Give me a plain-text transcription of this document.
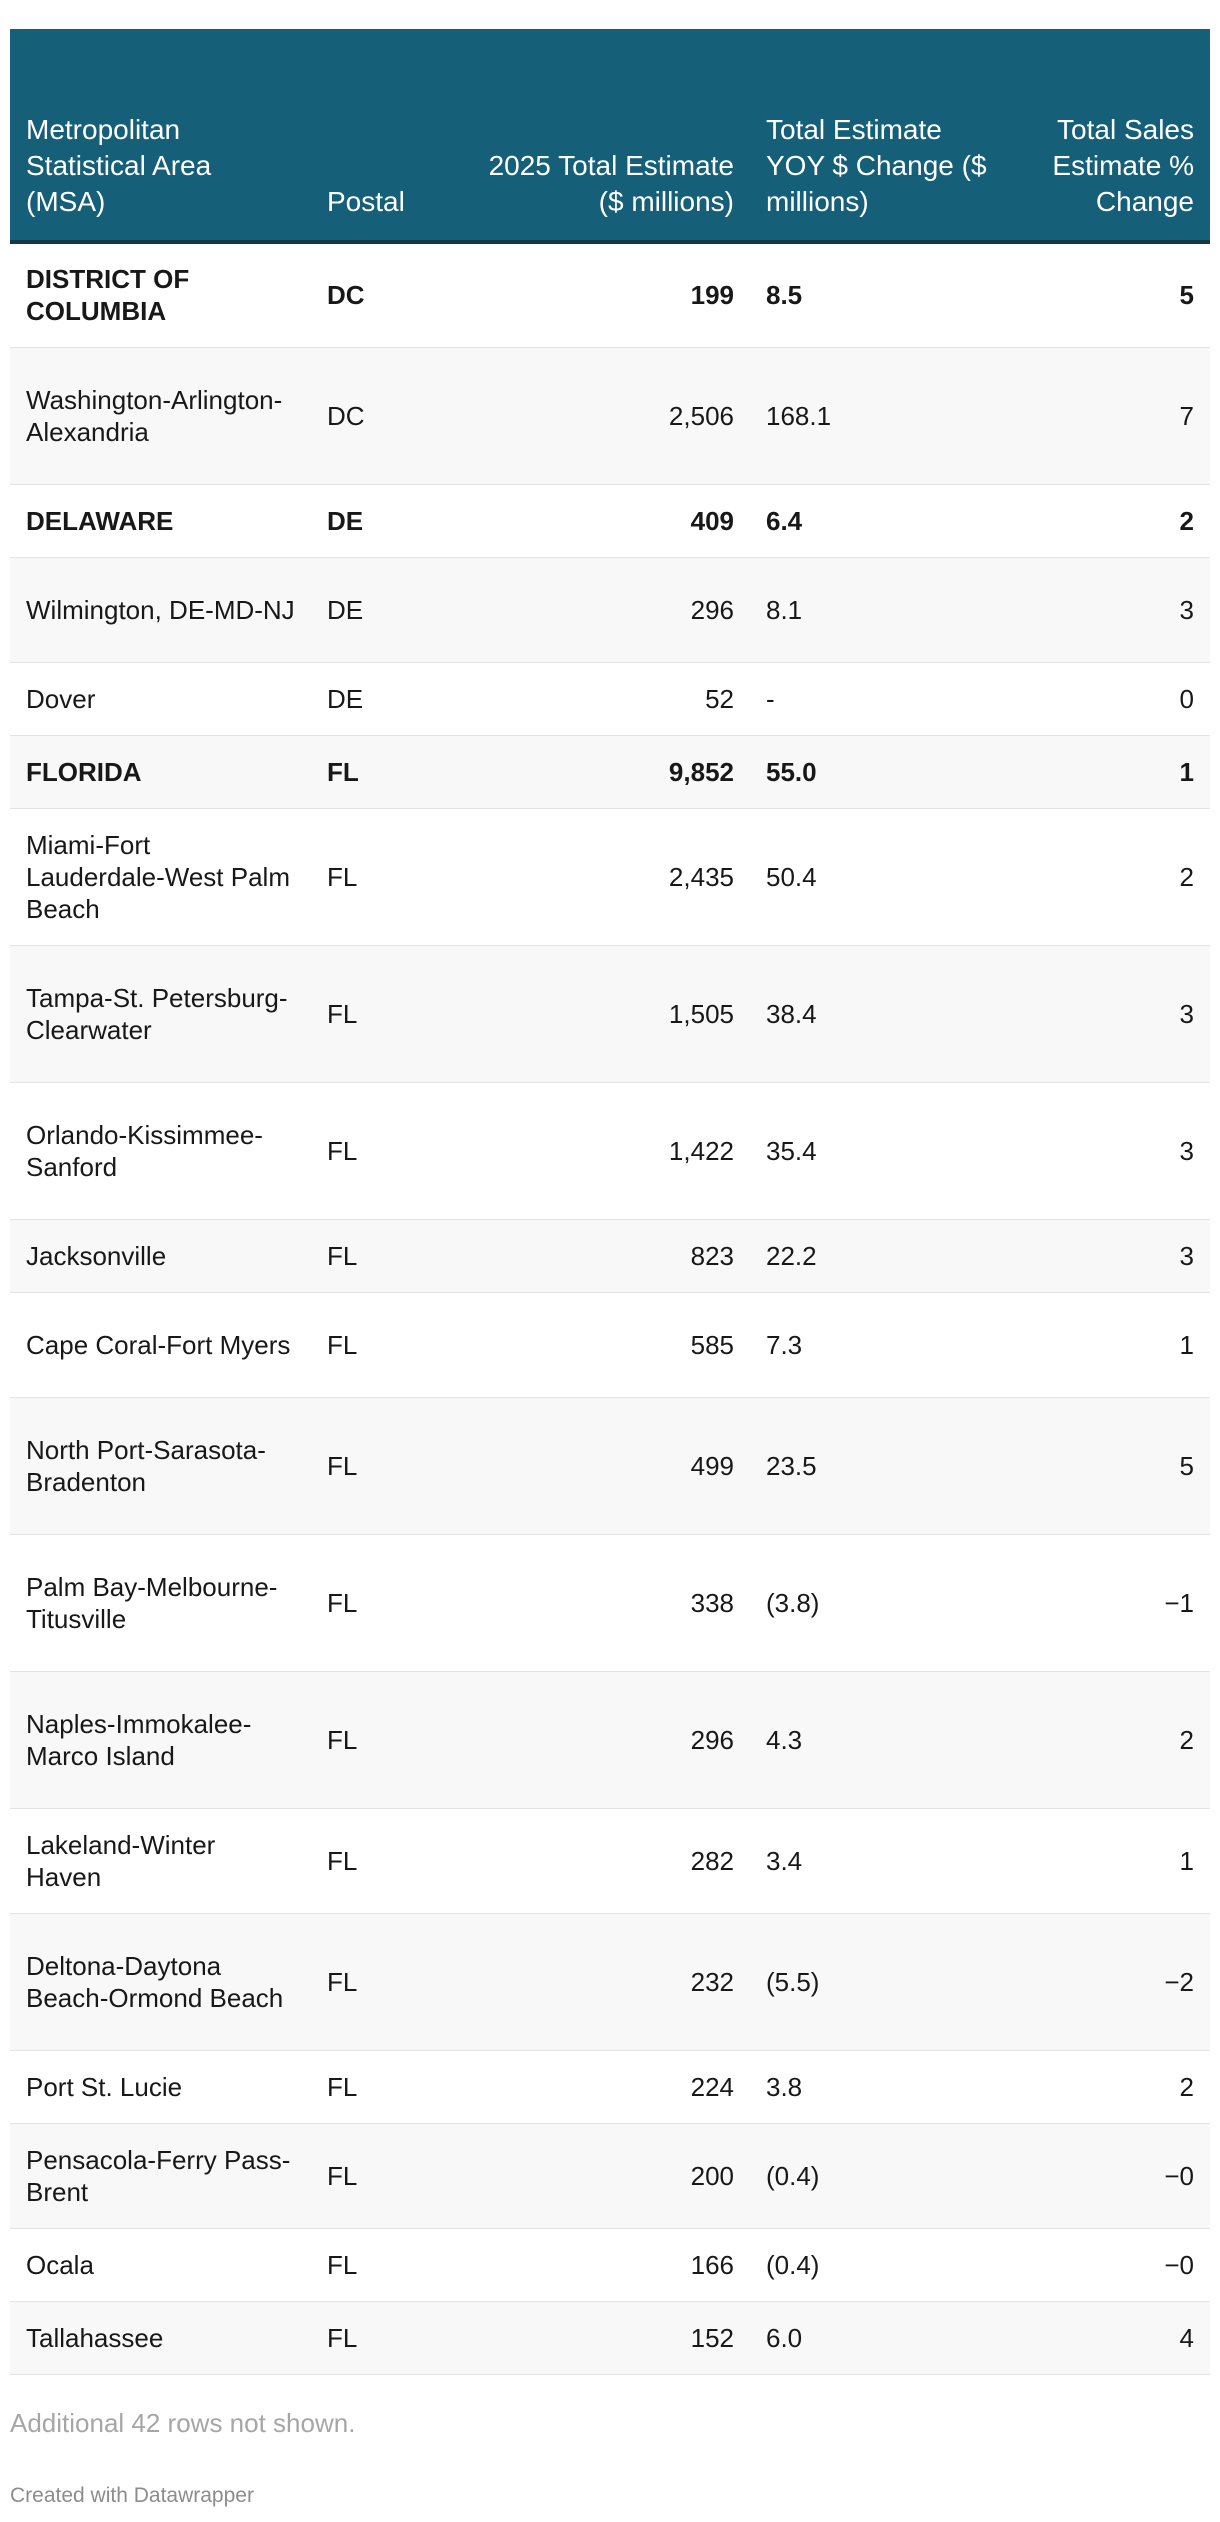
Metropolitan Statistical Area (MSA)	Postal	2025 Total Estimate ($ millions)	Total Estimate YOY $ Change ($ millions)	Total Sales Estimate % Change
DISTRICT OF COLUMBIA	DC	199	8.5	5
Washington-Arlington-Alexandria	DC	2,506	168.1	7
DELAWARE	DE	409	6.4	2
Wilmington, DE-MD-NJ	DE	296	8.1	3
Dover	DE	52	-	0
FLORIDA	FL	9,852	55.0	1
Miami-Fort Lauderdale-West Palm Beach	FL	2,435	50.4	2
Tampa-St. Petersburg-Clearwater	FL	1,505	38.4	3
Orlando-Kissimmee-Sanford	FL	1,422	35.4	3
Jacksonville	FL	823	22.2	3
Cape Coral-Fort Myers	FL	585	7.3	1
North Port-Sarasota-Bradenton	FL	499	23.5	5
Palm Bay-Melbourne-Titusville	FL	338	(3.8)	−1
Naples-Immokalee-Marco Island	FL	296	4.3	2
Lakeland-Winter Haven	FL	282	3.4	1
Deltona-Daytona Beach-Ormond Beach	FL	232	(5.5)	−2
Port St. Lucie	FL	224	3.8	2
Pensacola-Ferry Pass-Brent	FL	200	(0.4)	−0
Ocala	FL	166	(0.4)	−0
Tallahassee	FL	152	6.0	4
Additional 42 rows not shown.
Created with Datawrapper
